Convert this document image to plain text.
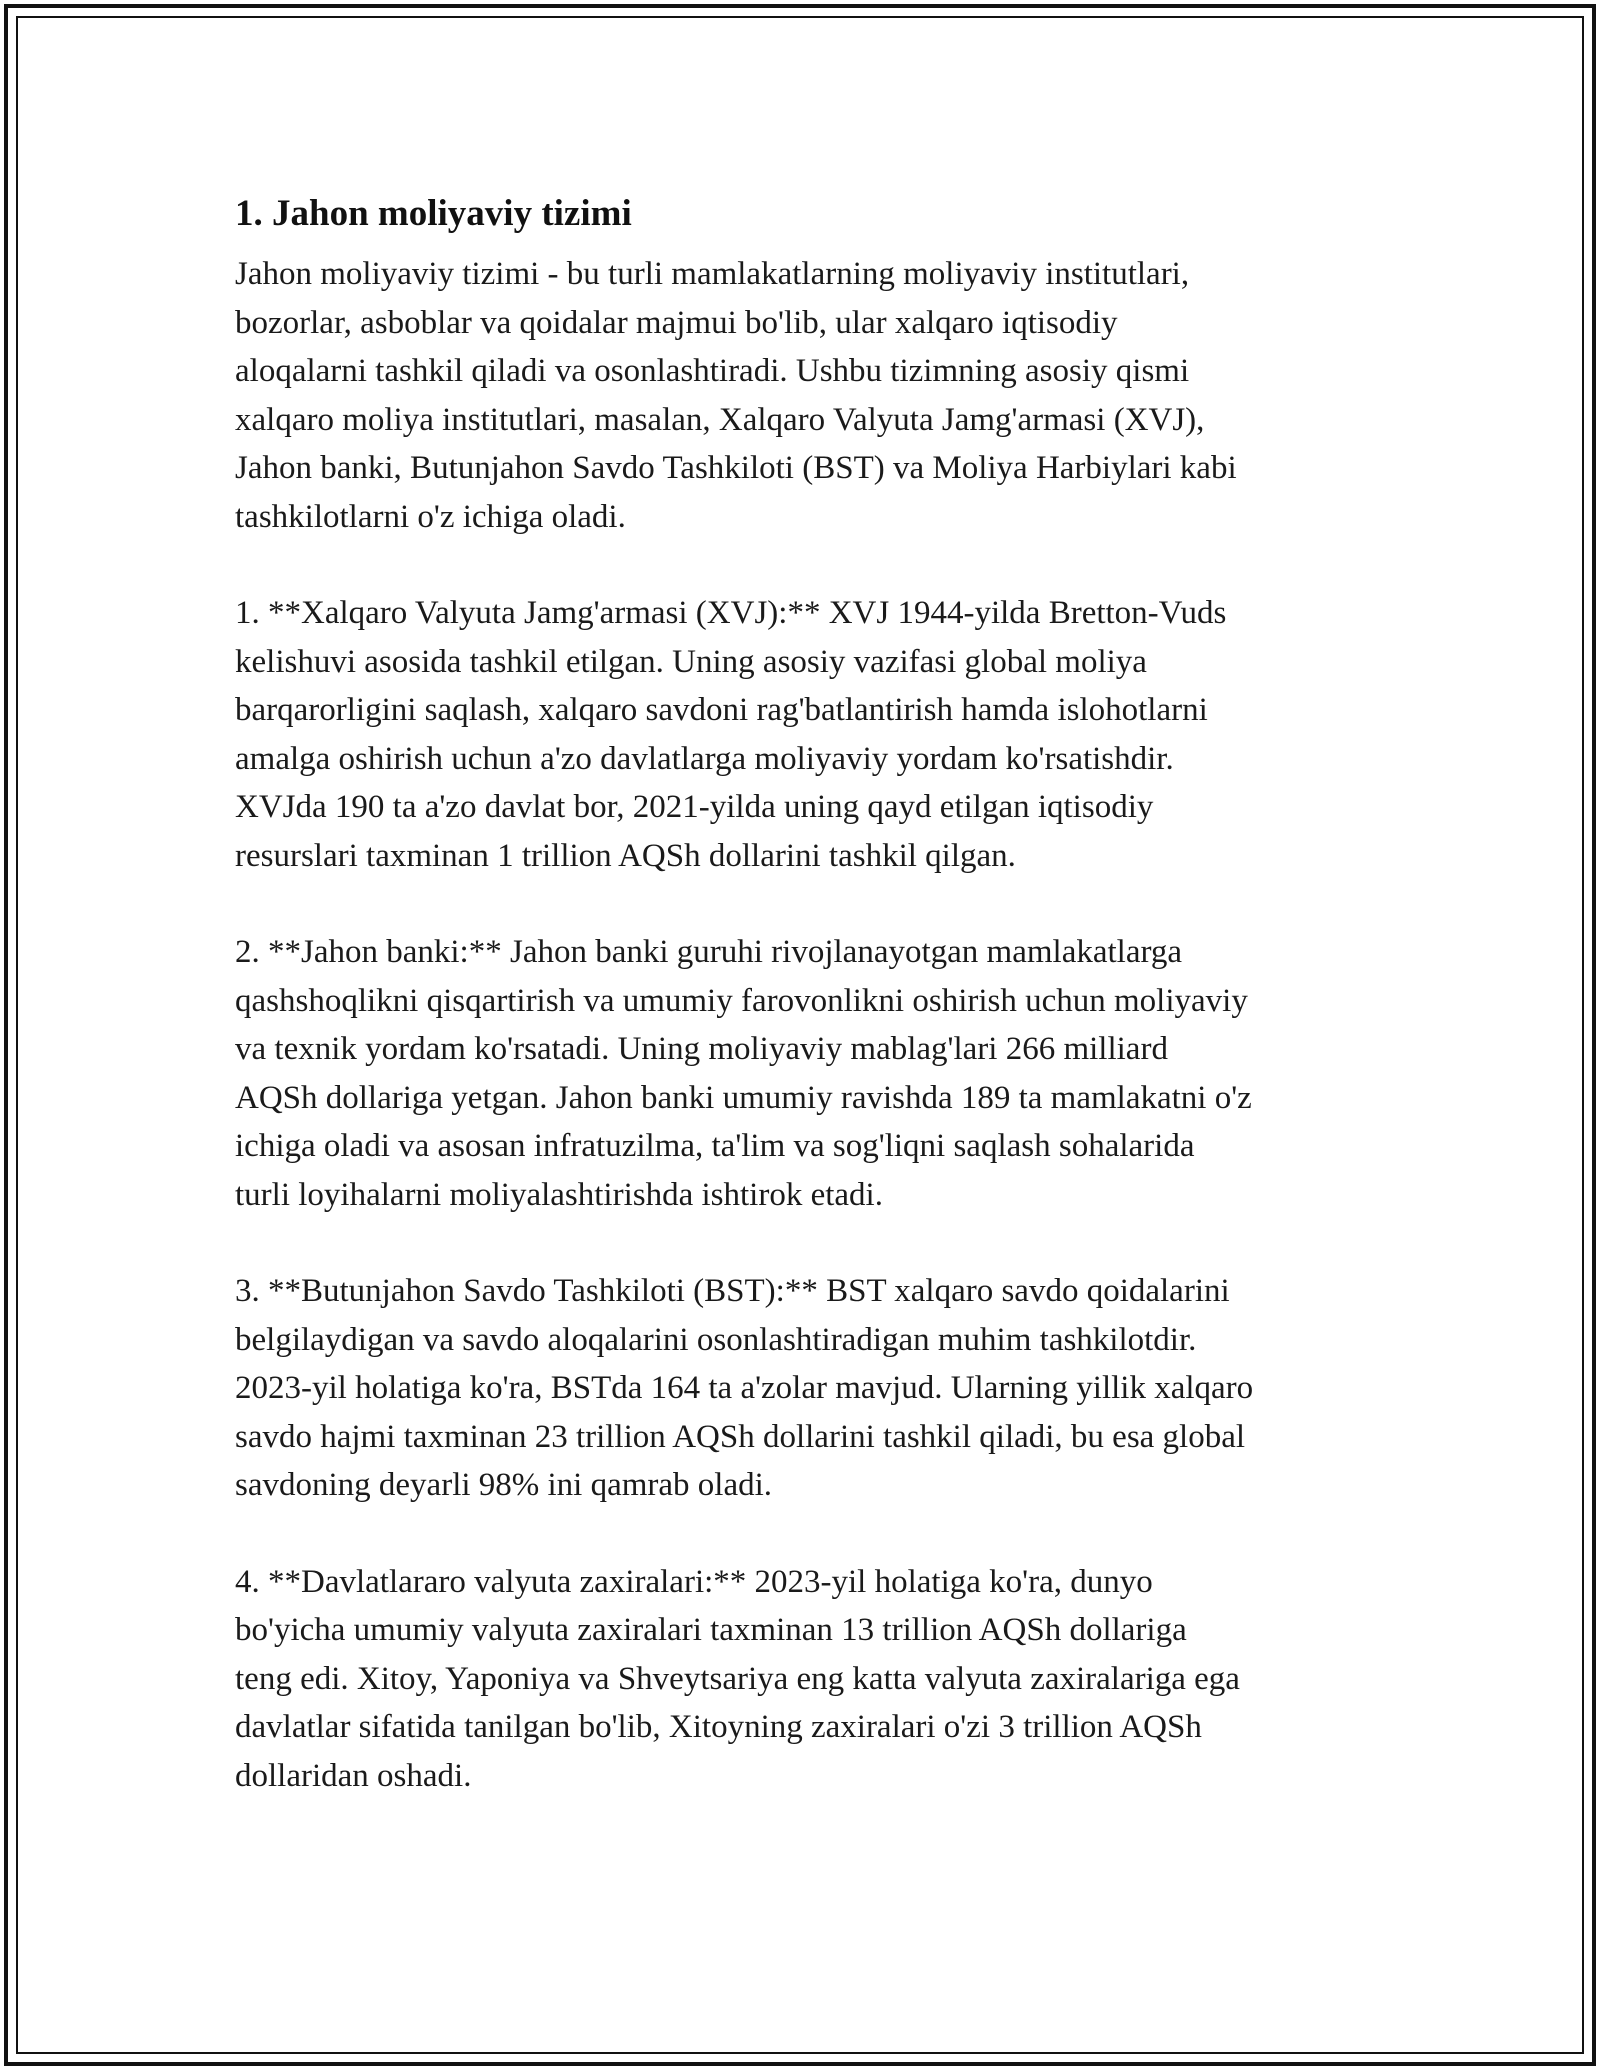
1. Jahon moliyaviy tizimi
Jahon moliyaviy tizimi - bu turli mamlakatlarning moliyaviy institutlari,
bozorlar, asboblar va qoidalar majmui bo'lib, ular xalqaro iqtisodiy
aloqalarni tashkil qiladi va osonlashtiradi. Ushbu tizimning asosiy qismi
xalqaro moliya institutlari, masalan, Xalqaro Valyuta Jamg'armasi (XVJ),
Jahon banki, Butunjahon Savdo Tashkiloti (BST) va Moliya Harbiylari kabi
tashkilotlarni o'z ichiga oladi.
1. **Xalqaro Valyuta Jamg'armasi (XVJ):** XVJ 1944-yilda Bretton-Vuds
kelishuvi asosida tashkil etilgan. Uning asosiy vazifasi global moliya
barqarorligini saqlash, xalqaro savdoni rag'batlantirish hamda islohotlarni
amalga oshirish uchun a'zo davlatlarga moliyaviy yordam ko'rsatishdir.
XVJda 190 ta a'zo davlat bor, 2021-yilda uning qayd etilgan iqtisodiy
resurslari taxminan 1 trillion AQSh dollarini tashkil qilgan.
2. **Jahon banki:** Jahon banki guruhi rivojlanayotgan mamlakatlarga
qashshoqlikni qisqartirish va umumiy farovonlikni oshirish uchun moliyaviy
va texnik yordam ko'rsatadi. Uning moliyaviy mablag'lari 266 milliard
AQSh dollariga yetgan. Jahon banki umumiy ravishda 189 ta mamlakatni o'z
ichiga oladi va asosan infratuzilma, ta'lim va sog'liqni saqlash sohalarida
turli loyihalarni moliyalashtirishda ishtirok etadi.
3. **Butunjahon Savdo Tashkiloti (BST):** BST xalqaro savdo qoidalarini
belgilaydigan va savdo aloqalarini osonlashtiradigan muhim tashkilotdir.
2023-yil holatiga ko'ra, BSTda 164 ta a'zolar mavjud. Ularning yillik xalqaro
savdo hajmi taxminan 23 trillion AQSh dollarini tashkil qiladi, bu esa global
savdoning deyarli 98% ini qamrab oladi.
4. **Davlatlararo valyuta zaxiralari:** 2023-yil holatiga ko'ra, dunyo
bo'yicha umumiy valyuta zaxiralari taxminan 13 trillion AQSh dollariga
teng edi. Xitoy, Yaponiya va Shveytsariya eng katta valyuta zaxiralariga ega
davlatlar sifatida tanilgan bo'lib, Xitoyning zaxiralari o'zi 3 trillion AQSh
dollaridan oshadi.
